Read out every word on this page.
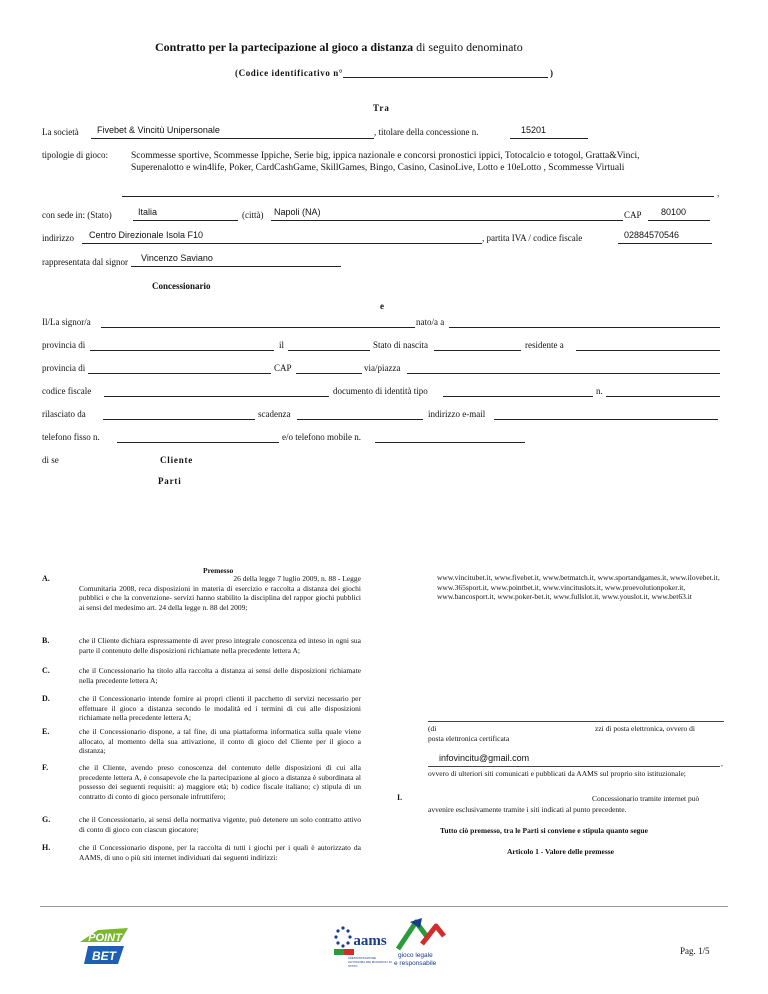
Contratto per la partecipazione al gioco a distanza di seguito denominato
(Codice identificativo n°	)
Tra
La società Fivebet & Vincitù Unipersonale	, titolare della concessione n.	15201
tipologie di gioco: Scommesse sportive, Scommesse Ippiche, Serie big, ippica nazionale e concorsi pronostici ippici, Totocalcio e totogol, Gratta&Vinci,
Superenalotto e win4life, Poker, CardCashGame, SkillGames, Bingo, Casino, CasinoLive, Lotto e 10eLotto , Scommesse Virtuali
,
con sede in: (Stato)	Italia	(città) Napoli (NA)	CAP 80100
indirizzo Centro Direzionale Isola F10	, partita IVA / codice fiscale	02884570546
rappresentata dal signor Vincenzo Saviano
Concessionario
e
Il/La signor/a	nato/a a
provincia di	il	Stato di nascita	residente a
provincia di	CAP	via/piazza
codice fiscale	documento di identità tipo	n.
rilasciato da	scadenza	indirizzo e-mail
telefono fisso n.	e/o telefono mobile n.
di se	Cliente
Parti
Premesso
A.	26 della legge 7 luglio 2009, n. 88 - Legge
Comunitaria 2008, reca disposizioni in materia di esercizio e raccolta a distanza dei giochi pubblici e che la convenzione- servizi hanno stabilito la disciplina del rappor giochi pubblici ai sensi del medesimo art. 24 della legge n. 88 del 2009;
B.	che il Cliente dichiara espressamente di aver preso integrale conoscenza ed inteso in ogni sua parte il contenuto delle disposizioni richiamate nella precedente lettera A;
C.	che il Concessionario ha titolo alla raccolta a distanza ai sensi delle disposizioni richiamate nella precedente lettera A;
D.	che il Concessionario intende fornire ai propri clienti il pacchetto di servizi necessario per effettuare il gioco a distanza secondo le modalità ed i termini di cui alle disposizioni richiamate nella precedente lettera A;
E.	che il Concessionario dispone, a tal fine, di una piattaforma informatica sulla quale viene allocato, al momento della sua attivazione, il conto di gioco del Cliente per il gioco a distanza;
F.	che il Cliente, avendo preso conoscenza del contenuto delle disposizioni di cui alla precedente lettera A, è consapevole che la partecipazione al gioco a distanza è subordinata al possesso dei seguenti requisiti: a) maggiore età; b) codice fiscale italiano; c) stipula di un contratto di conto di gioco personale infruttifero;
G.	che il Concessionario, ai sensi della normativa vigente, può detenere un solo contratto attivo di conto di gioco con ciascun giocatore;
H.	che il Concessionario dispone, per la raccolta di tutti i giochi per i quali è autorizzato da AAMS, di uno o più siti internet individuati dai seguenti indirizzi:
www.vincitubet.it, www.fivebet.it, www.betmatch.it, www.sportandgames.it, www.ilovebet.it, www.365sport.it, www.pointbet.it, www.vincitu​slots.it, www.proevolutionpoker.it, www.bancosport.it, www.poker-bet.it, www.fullslot.it, www.youslot.it, www.bet63.it
(di	zzi di posta elettronica, ovvero di
posta elettronica certificata
infovincitu@gmail.com
,
ovvero di ulteriori siti comunicati e pubblicati da AAMS sul proprio sito istituzionale;
I.	Concessionario tramite internet può
avvenire esclusivamente tramite i siti indicati al punto precedente.
Tutto ciò premesso, tra le Parti si conviene e stipula quanto segue
Articolo 1 - Valore delle premesse
POINT
BET
aams
AMMINISTRAZIONE AUTONOMA DEI MONOPOLI DI STATO
gioco legale
e responsabile
Pag. 1/5
